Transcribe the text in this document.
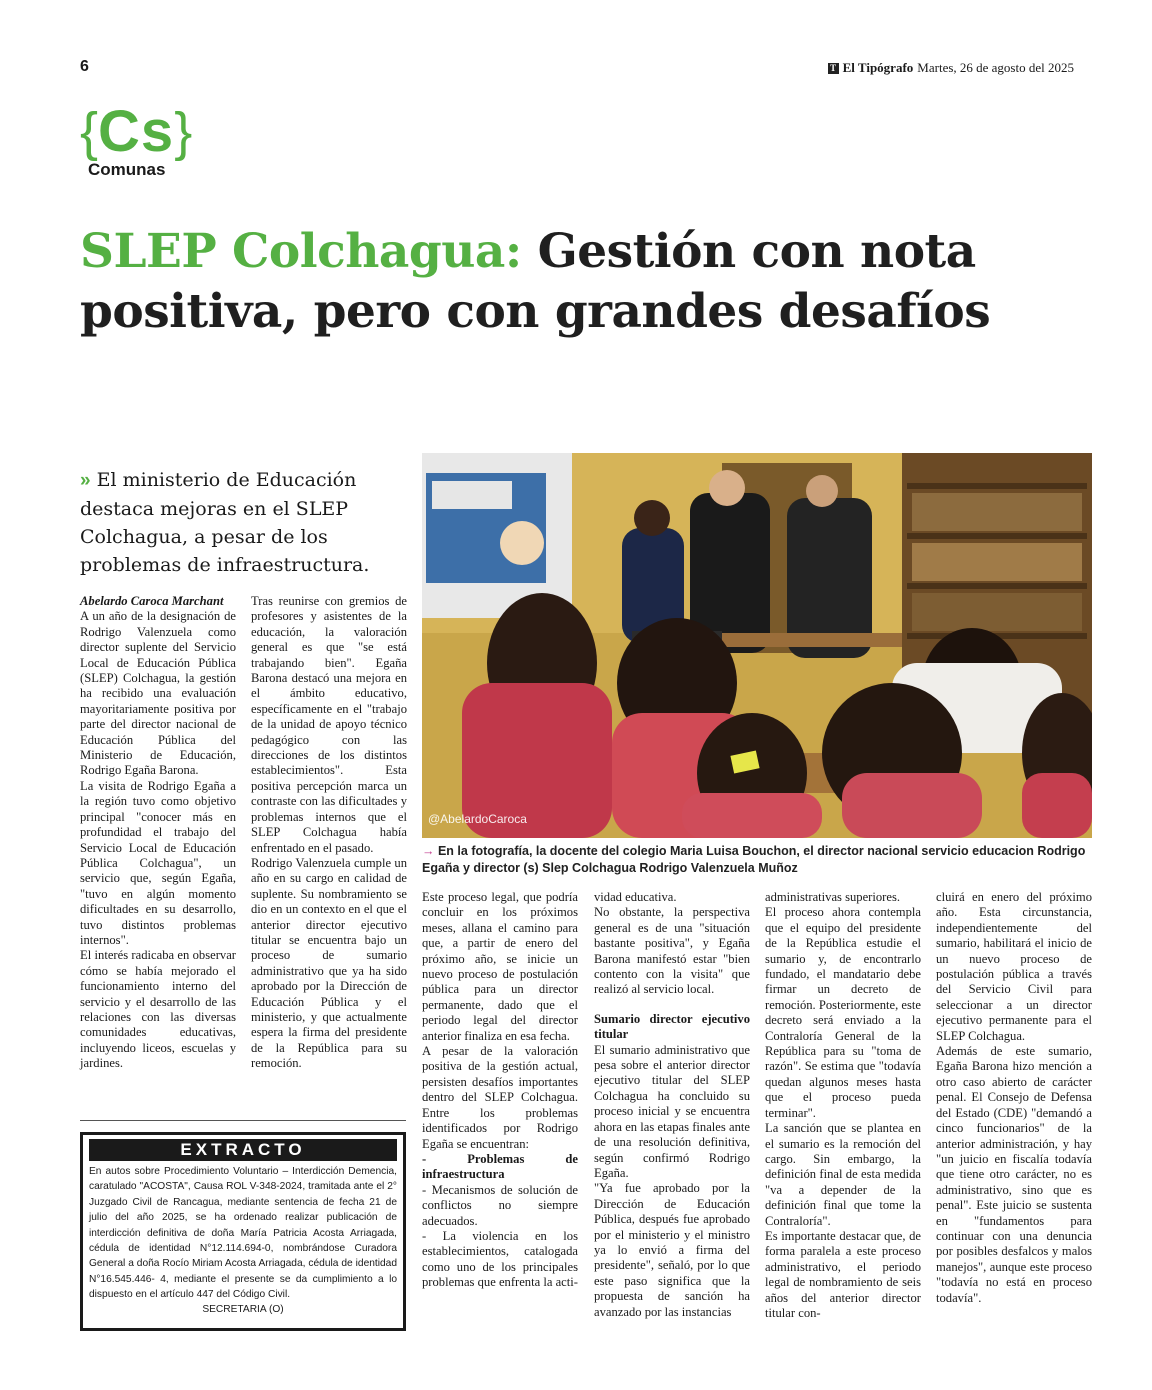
6	T El Tipógrafo Martes, 26 de agosto del 2025
{ Cs }
Comunas
SLEP Colchagua: Gestión con nota positiva, pero con grandes desafíos
» El ministerio de Educación destaca mejoras en el SLEP Colchagua, a pesar de los problemas de infraestructura.
@AbelardoCaroca
→ En la fotografía, la docente del colegio Maria Luisa Bouchon, el director nacional servicio educacion Rodrigo Egaña y director (s) Slep Colchagua Rodrigo Valenzuela Muñoz

Abelardo Caroca Marchant

A un año de la designación de Rodrigo Valenzuela como director suplente del Servicio Local de Educación Pública (SLEP) Colchagua, la gestión ha recibido una evaluación mayoritariamente positiva por parte del director nacional de Educación Pública del Ministerio de Educación, Rodrigo Egaña Barona.

La visita de Rodrigo Egaña a la región tuvo como objetivo principal "conocer más en profundidad el trabajo del Servicio Local de Educación Pública Colchagua", un servicio que, según Egaña, "tuvo en algún momento dificultades en su desarrollo, tuvo distintos problemas internos".

El interés radicaba en observar cómo se había mejorado el funcionamiento interno del servicio y el desarrollo de las relaciones con las diversas comunidades educativas, incluyendo liceos, escuelas y jardines.

Tras reunirse con gremios de profesores y asistentes de la educación, la valoración general es que "se está trabajando bien". Egaña Barona destacó una mejora en el ámbito educativo, específicamente en el "trabajo de la unidad de apoyo técnico pedagógico con las direcciones de los distintos establecimientos". Esta positiva percepción marca un contraste con las dificultades y problemas internos que el SLEP Colchagua había enfrentado en el pasado.

Rodrigo Valenzuela cumple un año en su cargo en calidad de suplente. Su nombramiento se dio en un contexto en el que el anterior director ejecutivo titular se encuentra bajo un proceso de sumario administrativo que ya ha sido aprobado por la Dirección de Educación Pública y el ministerio, y que actualmente espera la firma del presidente de la República para su remoción.

EXTRACTO
En autos sobre Procedimiento Voluntario – Interdicción Demencia, caratulado "ACOSTA", Causa ROL V-348-2024, tramitada ante el 2° Juzgado Civil de Rancagua, mediante sentencia de fecha 21 de julio del año 2025, se ha ordenado realizar publicación de interdicción definitiva de doña María Patricia Acosta Arriagada, cédula de identidad N°12.114.694-0, nombrándose Curadora General a doña Rocío Miriam Acosta Arriagada, cédula de identidad N°16.545.446- 4, mediante el presente se da cumplimiento a lo dispuesto en el artículo 447 del Código Civil.
SECRETARIA (O)

Este proceso legal, que podría concluir en los próximos meses, allana el camino para que, a partir de enero del próximo año, se inicie un nuevo proceso de postulación pública para un director permanente, dado que el periodo legal del director anterior finaliza en esa fecha.

A pesar de la valoración positiva de la gestión actual, persisten desafíos importantes dentro del SLEP Colchagua. Entre los problemas identificados por Rodrigo Egaña se encuentran:

- Problemas de infraestructura

- Mecanismos de solución de conflictos no siempre adecuados.

- La violencia en los establecimientos, catalogada como uno de los principales problemas que enfrenta la acti-

vidad educativa.

No obstante, la perspectiva general es de una "situación bastante positiva", y Egaña Barona manifestó estar "bien contento con la visita" que realizó al servicio local.

Sumario director ejecutivo titular

El sumario administrativo que pesa sobre el anterior director ejecutivo titular del SLEP Colchagua ha concluido su proceso inicial y se encuentra ahora en las etapas finales ante de una resolución definitiva, según confirmó Rodrigo Egaña.

"Ya fue aprobado por la Dirección de Educación Pública, después fue aprobado por el ministerio y el ministro ya lo envió a firma del presidente", señaló, por lo que este paso significa que la propuesta de sanción ha avanzado por las instancias

administrativas superiores.

El proceso ahora contempla que el equipo del presidente de la República estudie el sumario y, de encontrarlo fundado, el mandatario debe firmar un decreto de remoción. Posteriormente, este decreto será enviado a la Contraloría General de la República para su "toma de razón". Se estima que "todavía quedan algunos meses hasta que el proceso pueda terminar".

La sanción que se plantea en el sumario es la remoción del cargo. Sin embargo, la definición final de esta medida "va a depender de la definición final que tome la Contraloría".

Es importante destacar que, de forma paralela a este proceso administrativo, el periodo legal de nombramiento de seis años del anterior director titular con-

cluirá en enero del próximo año. Esta circunstancia, independientemente del sumario, habilitará el inicio de un nuevo proceso de postulación pública a través del Servicio Civil para seleccionar a un director ejecutivo permanente para el SLEP Colchagua.

Además de este sumario, Egaña Barona hizo mención a otro caso abierto de carácter penal. El Consejo de Defensa del Estado (CDE) "demandó a cinco funcionarios" de la anterior administración, y hay "un juicio en fiscalía todavía que tiene otro carácter, no es administrativo, sino que es penal". Este juicio se sustenta en "fundamentos para continuar con una denuncia por posibles desfalcos y malos manejos", aunque este proceso "todavía no está en proceso todavía".
